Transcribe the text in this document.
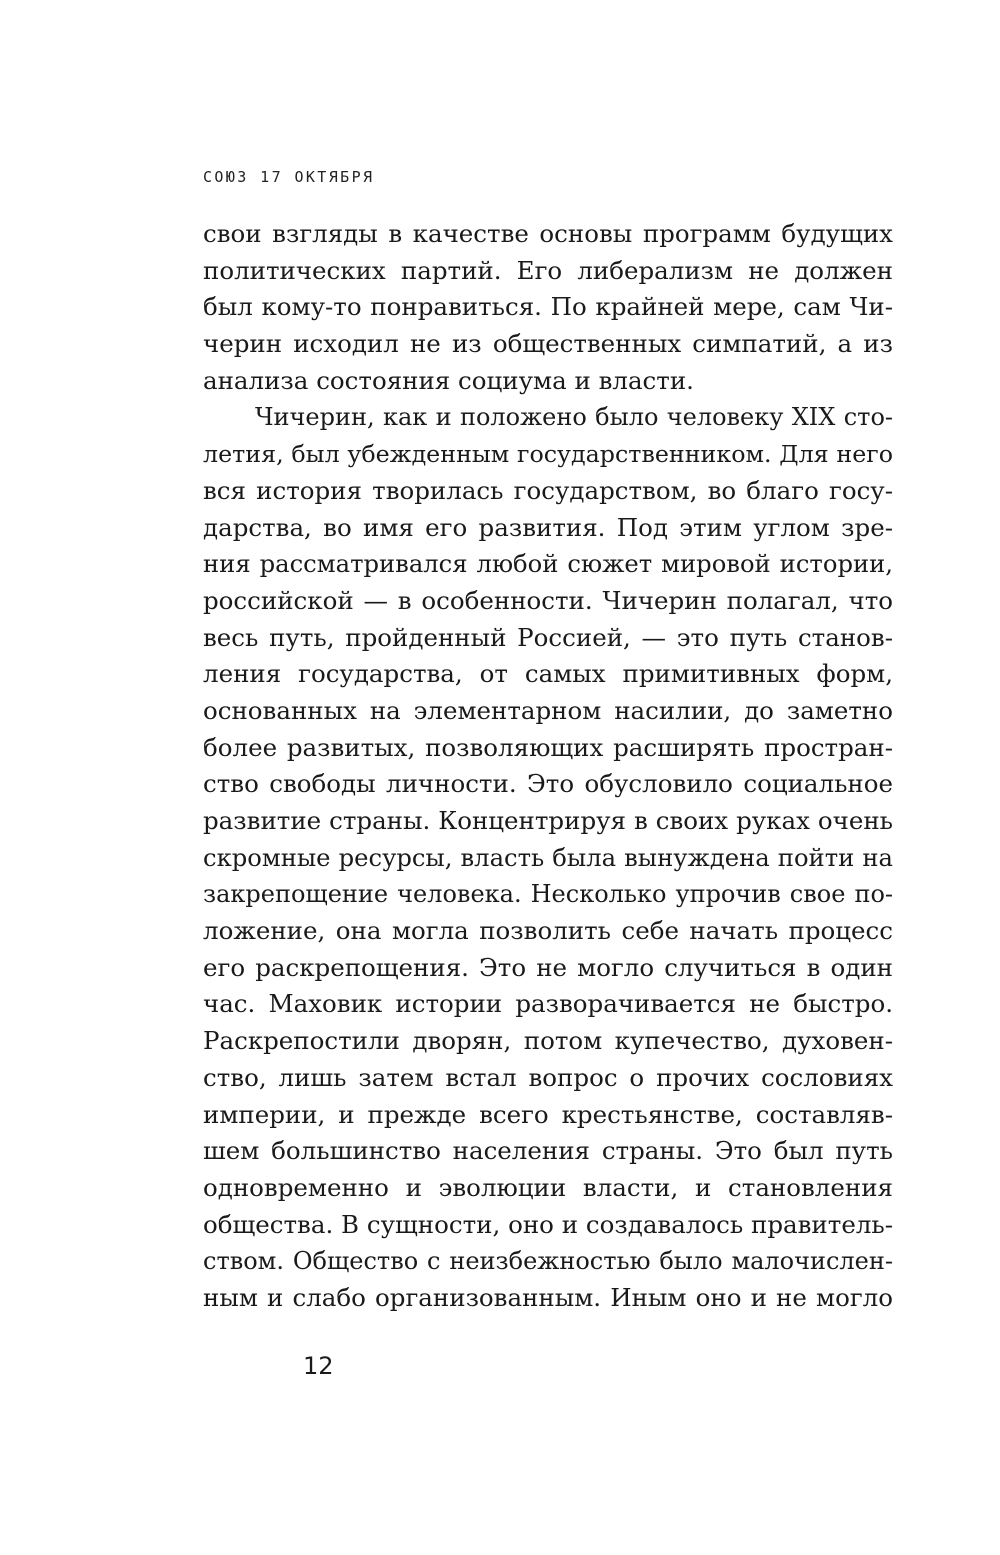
СОЮЗ 17 ОКТЯБРЯ
свои взгляды в качестве основы программ будущих
политических партий. Его либерализм не должен
был кому-то понравиться. По крайней мере, сам Чи-
черин исходил не из общественных симпатий, а из
анализа состояния социума и власти.
Чичерин, как и положено было человеку XIX сто-
летия, был убежденным государственником. Для него
вся история творилась государством, во благо госу-
дарства, во имя его развития. Под этим углом зре-
ния рассматривался любой сюжет мировой истории,
российской — в особенности. Чичерин полагал, что
весь путь, пройденный Россией, — это путь станов-
ления государства, от самых примитивных форм,
основанных на элементарном насилии, до заметно
более развитых, позволяющих расширять простран-
ство свободы личности. Это обусловило социальное
развитие страны. Концентрируя в своих руках очень
скромные ресурсы, власть была вынуждена пойти на
закрепощение человека. Несколько упрочив свое по-
ложение, она могла позволить себе начать процесс
его раскрепощения. Это не могло случиться в один
час. Маховик истории разворачивается не быстро.
Раскрепостили дворян, потом купечество, духовен-
ство, лишь затем встал вопрос о прочих сословиях
империи, и прежде всего крестьянстве, составляв-
шем большинство населения страны. Это был путь
одновременно и эволюции власти, и становления
общества. В сущности, оно и создавалось правитель-
ством. Общество с неизбежностью было малочислен-
ным и слабо организованным. Иным оно и не могло
12
